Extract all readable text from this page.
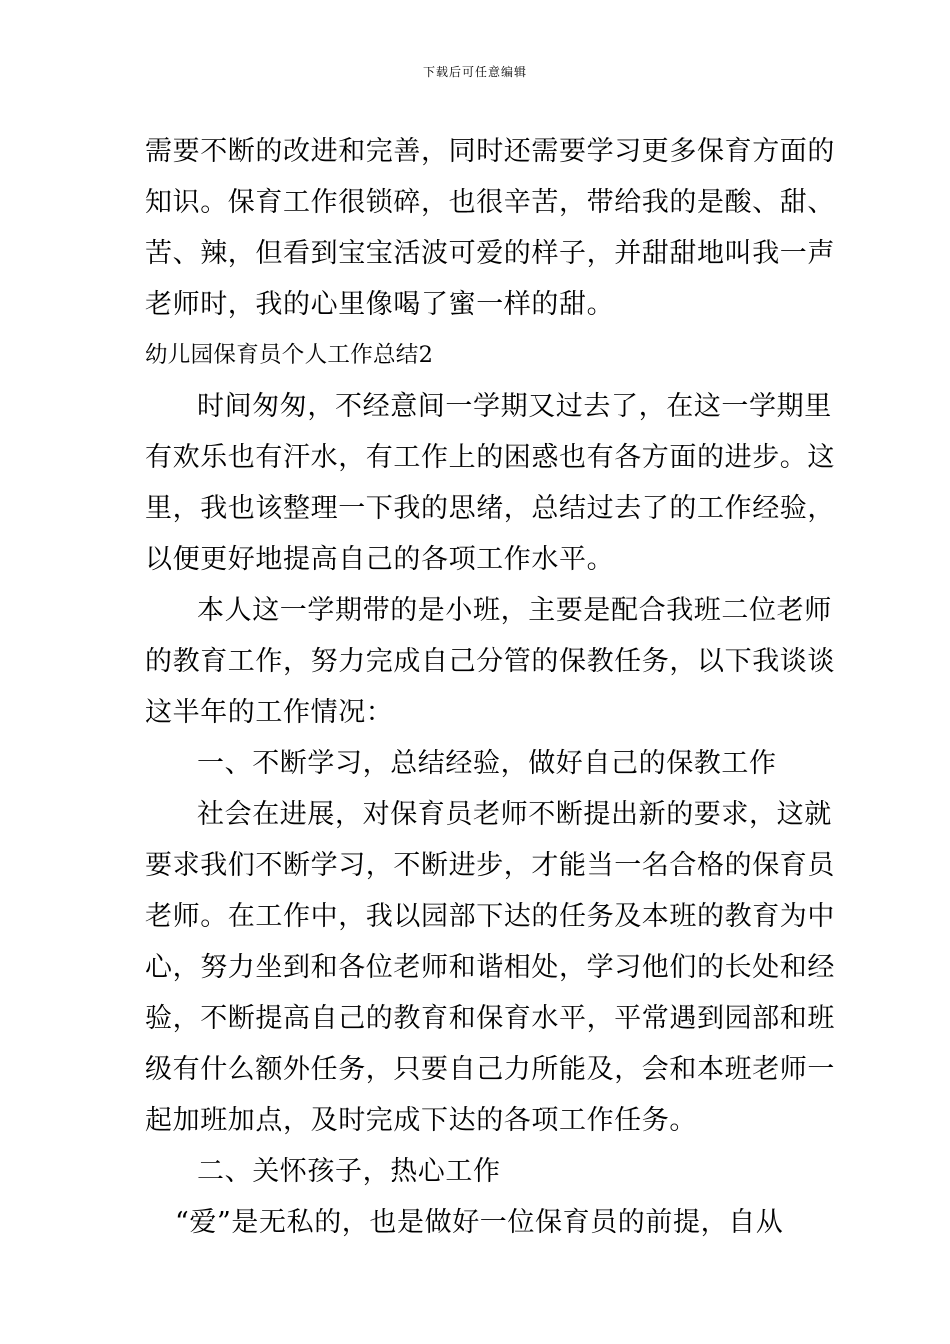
下载后可任意编辑
需要不断的改进和完善，同时还需要学习更多保育方面的
知识。保育工作很锁碎，也很辛苦，带给我的是酸、甜、
苦、辣，但看到宝宝活波可爱的样子，并甜甜地叫我一声
老师时，我的心里像喝了蜜一样的甜。
幼儿园保育员个人工作总结2
时间匆匆，不经意间一学期又过去了，在这一学期里
有欢乐也有汗水，有工作上的困惑也有各方面的进步。这
里，我也该整理一下我的思绪，总结过去了的工作经验，
以便更好地提高自己的各项工作水平。
本人这一学期带的是小班，主要是配合我班二位老师
的教育工作，努力完成自己分管的保教任务，以下我谈谈
这半年的工作情况：
一、不断学习，总结经验，做好自己的保教工作
社会在进展，对保育员老师不断提出新的要求，这就
要求我们不断学习，不断进步，才能当一名合格的保育员
老师。在工作中，我以园部下达的任务及本班的教育为中
心，努力坐到和各位老师和谐相处，学习他们的长处和经
验，不断提高自己的教育和保育水平，平常遇到园部和班
级有什么额外任务，只要自己力所能及，会和本班老师一
起加班加点，及时完成下达的各项工作任务。
二、关怀孩子，热心工作
“爱”是无私的，也是做好一位保育员的前提，自从
